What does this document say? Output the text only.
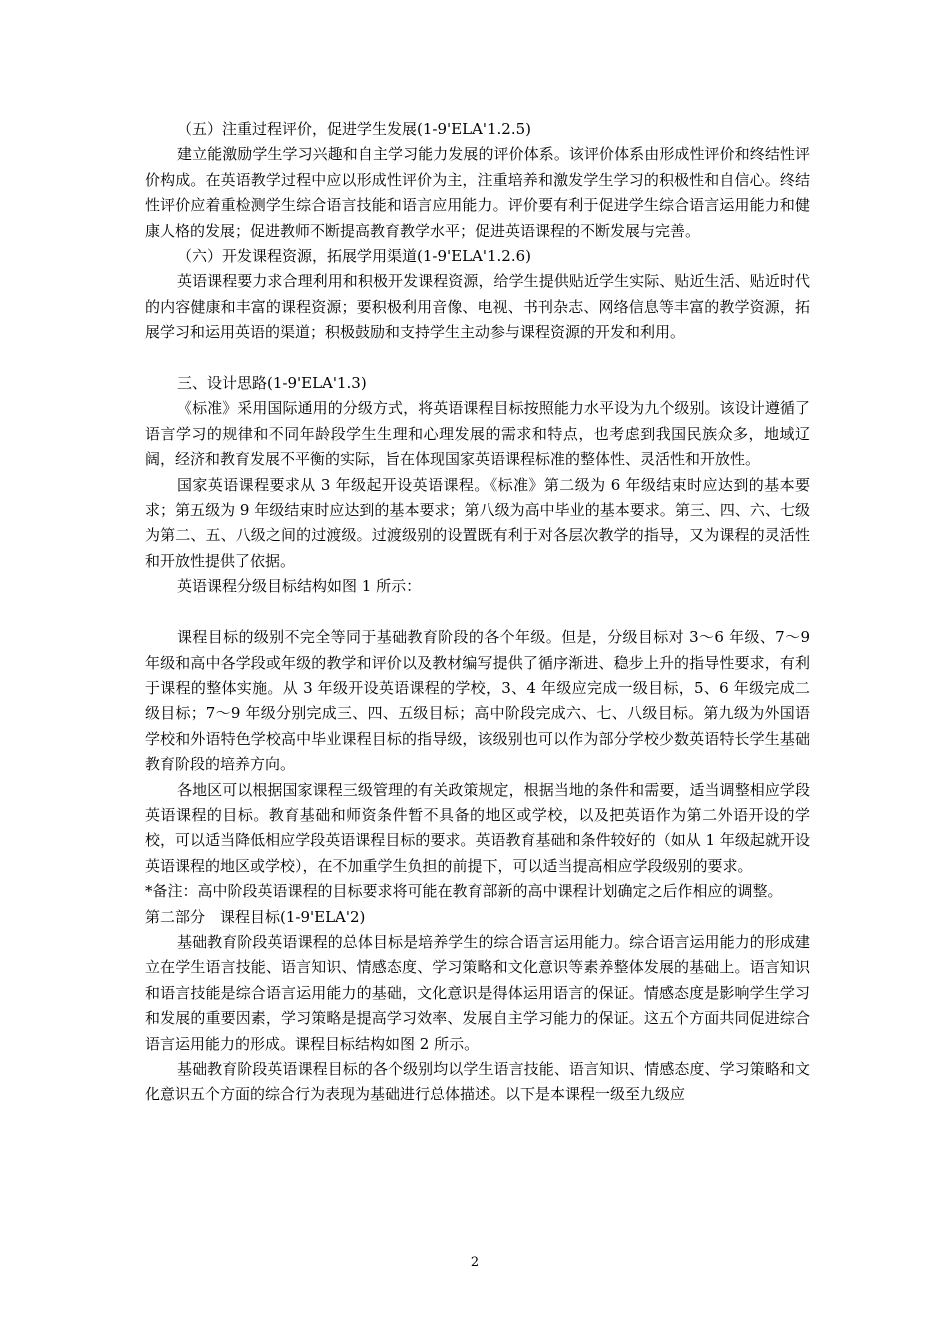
（五）注重过程评价，促进学生发展(1-9'ELA'1.2.5)

建立能激励学生学习兴趣和自主学习能力发展的评价体系。该评价体系由形成性评价和终结性评价构成。在英语教学过程中应以形成性评价为主，注重培养和激发学生学习的积极性和自信心。终结性评价应着重检测学生综合语言技能和语言应用能力。评价要有利于促进学生综合语言运用能力和健康人格的发展；促进教师不断提高教育教学水平；促进英语课程的不断发展与完善。

（六）开发课程资源，拓展学用渠道(1-9'ELA'1.2.6)

英语课程要力求合理利用和积极开发课程资源，给学生提供贴近学生实际、贴近生活、贴近时代的内容健康和丰富的课程资源；要积极利用音像、电视、书刊杂志、网络信息等丰富的教学资源，拓展学习和运用英语的渠道；积极鼓励和支持学生主动参与课程资源的开发和利用。

三、设计思路(1-9'ELA'1.3)

《标准》采用国际通用的分级方式，将英语课程目标按照能力水平设为九个级别。该设计遵循了语言学习的规律和不同年龄段学生生理和心理发展的需求和特点，也考虑到我国民族众多，地域辽阔，经济和教育发展不平衡的实际，旨在体现国家英语课程标准的整体性、灵活性和开放性。

国家英语课程要求从 3 年级起开设英语课程。《标准》第二级为 6 年级结束时应达到的基本要求；第五级为 9 年级结束时应达到的基本要求；第八级为高中毕业的基本要求。第三、四、六、七级为第二、五、八级之间的过渡级。过渡级别的设置既有利于对各层次教学的指导，又为课程的灵活性和开放性提供了依据。

英语课程分级目标结构如图 1 所示：

课程目标的级别不完全等同于基础教育阶段的各个年级。但是，分级目标对 3～6 年级、7～9 年级和高中各学段或年级的教学和评价以及教材编写提供了循序渐进、稳步上升的指导性要求，有利于课程的整体实施。从 3 年级开设英语课程的学校，3、4 年级应完成一级目标，5、6 年级完成二级目标；7～9 年级分别完成三、四、五级目标；高中阶段完成六、七、八级目标。第九级为外国语学校和外语特色学校高中毕业课程目标的指导级，该级别也可以作为部分学校少数英语特长学生基础教育阶段的培养方向。

各地区可以根据国家课程三级管理的有关政策规定，根据当地的条件和需要，适当调整相应学段英语课程的目标。教育基础和师资条件暂不具备的地区或学校，以及把英语作为第二外语开设的学校，可以适当降低相应学段英语课程目标的要求。英语教育基础和条件较好的（如从 1 年级起就开设英语课程的地区或学校），在不加重学生负担的前提下，可以适当提高相应学段级别的要求。

*备注：高中阶段英语课程的目标要求将可能在教育部新的高中课程计划确定之后作相应的调整。

第二部分　课程目标(1-9'ELA'2)

基础教育阶段英语课程的总体目标是培养学生的综合语言运用能力。综合语言运用能力的形成建立在学生语言技能、语言知识、情感态度、学习策略和文化意识等素养整体发展的基础上。语言知识和语言技能是综合语言运用能力的基础，文化意识是得体运用语言的保证。情感态度是影响学生学习和发展的重要因素，学习策略是提高学习效率、发展自主学习能力的保证。这五个方面共同促进综合语言运用能力的形成。课程目标结构如图 2 所示。

基础教育阶段英语课程目标的各个级别均以学生语言技能、语言知识、情感态度、学习策略和文化意识五个方面的综合行为表现为基础进行总体描述。以下是本课程一级至九级应

2
